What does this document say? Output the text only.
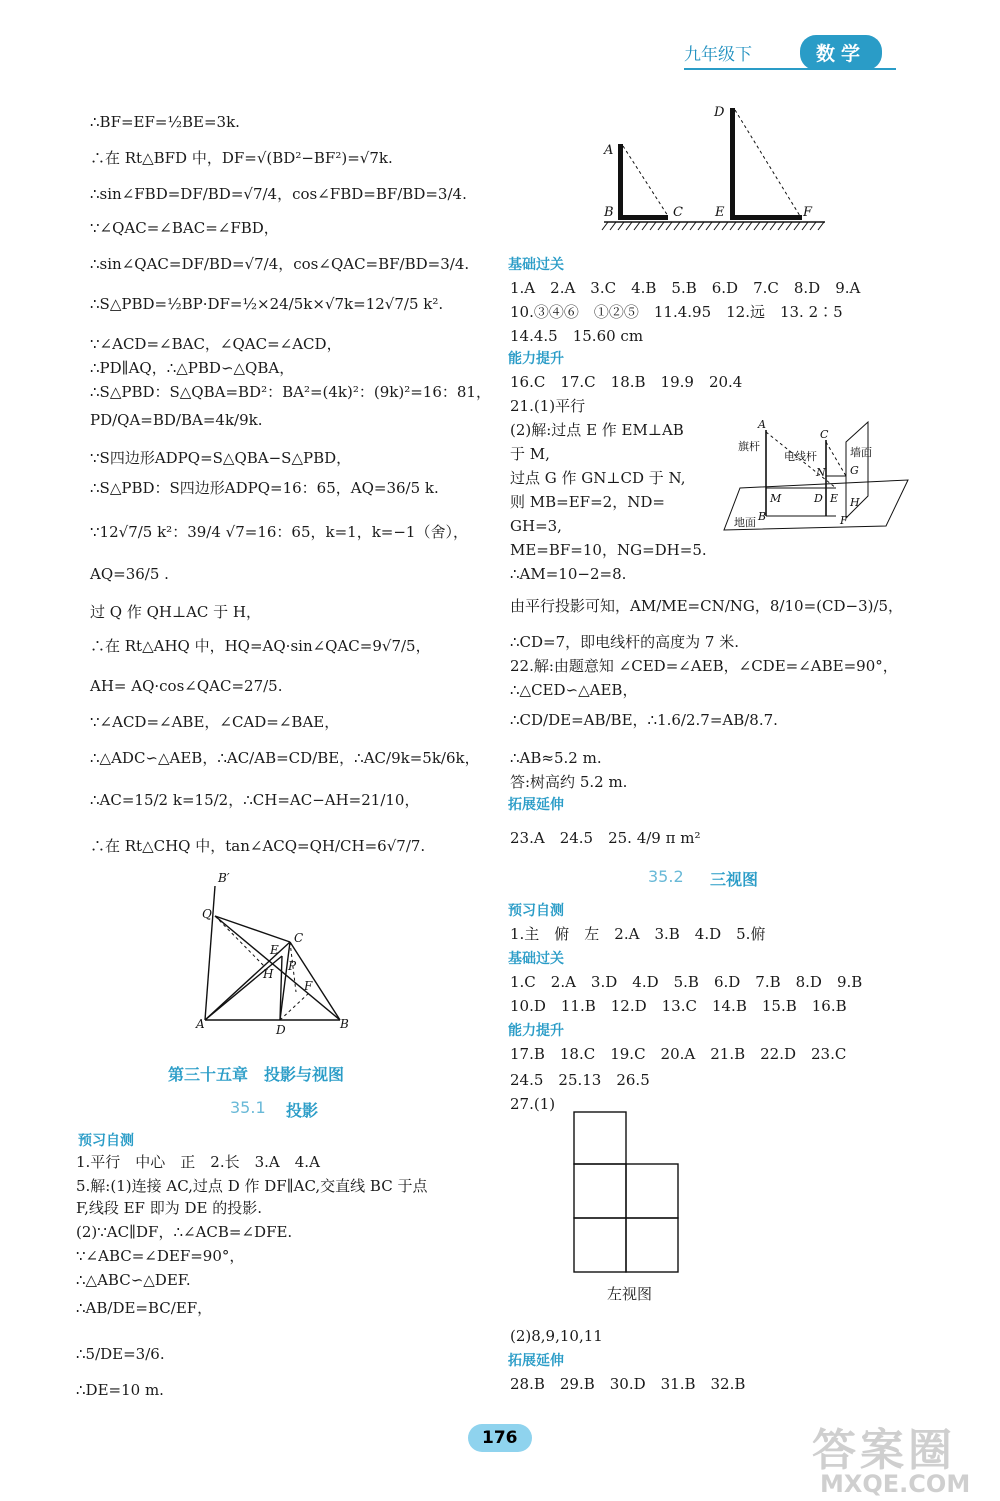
九年级下	数学
∴BF=EF=½BE=3k.
∴在 Rt△BFD 中，DF=√(BD²−BF²)=√7k.
∴sin∠FBD=DF/BD=√7/4，cos∠FBD=BF/BD=3/4.
∵∠QAC=∠BAC=∠FBD，
∴sin∠QAC=DF/BD=√7/4，cos∠QAC=BF/BD=3/4.
∴S△PBD=½BP·DF=½×24/5k×√7k=12√7/5 k².
∵∠ACD=∠BAC，∠QAC=∠ACD，
∴PD∥AQ，∴△PBD∽△QBA，
∴S△PBD：S△QBA=BD²：BA²=(4k)²：(9k)²=16：81，
PD/QA=BD/BA=4k/9k.
∵S四边形ADPQ=S△QBA−S△PBD，
∴S△PBD：S四边形ADPQ=16：65，AQ=36/5 k.
∵12√7/5 k²：39/4 √7=16：65，k=1，k=−1（舍），
AQ=36/5 .
过 Q 作 QH⊥AC 于 H，
∴在 Rt△AHQ 中，HQ=AQ·sin∠QAC=9√7/5，
AH= AQ·cos∠QAC=27/5.
∵∠ACD=∠ABE，∠CAD=∠BAE，
∴△ADC∽△AEB，∴AC/AB=CD/BE，∴AC/9k=5k/6k，
∴AC=15/2 k=15/2，∴CH=AC−AH=21/10，
∴在 Rt△CHQ 中，tan∠ACQ=QH/CH=6√7/7.
B′
Q
E
C
H
P
F
A	D	B
第三十五章　投影与视图
35.1 投影
预习自测
1.平行　中心　正　2.长　3.A　4.A
5.解:(1)连接 AC,过点 D 作 DF∥AC,交直线 BC 于点
F,线段 EF 即为 DE 的投影.
(2)∵AC∥DF，∴∠ACB=∠DFE.
∵∠ABC=∠DEF=90°，
∴△ABC∽△DEF.
∴AB/DE=BC/EF，
∴5/DE=3/6.
∴DE=10 m.
D
A
B	C E	F
基础过关
1.A　2.A　3.C　4.B　5.B　6.D　7.C　8.D　9.A
10.③④⑥　①②⑤　11.4.95　12.远　13. 2∶5
14.4.5　15.60 cm
能力提升
16.C　17.C　18.B　19.9　20.4
21.(1)平行
(2)解:过点 E 作 EM⊥AB
于 M,
过点 G 作 GN⊥CD 于 N,
则 MB=EF=2，ND=
GH=3,
ME=BF=10，NG=DH=5.
∴AM=10−2=8.
由平行投影可知，AM/ME=CN/NG，8/10=(CD−3)/5，
∴CD=7，即电线杆的高度为 7 米.
22.解:由题意知 ∠CED=∠AEB，∠CDE=∠ABE=90°，
∴△CED∽△AEB，
∴CD/DE=AB/BE，∴1.6/2.7=AB/8.7.
∴AB≈5.2 m.
答:树高约 5.2 m.
A
旗杆
C
电线杆	墙面
N G
M	D E H
地面 B	F
拓展延伸
23.A　24.5　25. 4/9 π m²
35.2 三视图
预习自测
1.主　俯　左　2.A　3.B　4.D　5.俯
基础过关
1.C　2.A　3.D　4.D　5.B　6.D　7.B　8.D　9.B
10.D　11.B　12.D　13.C　14.B　15.B　16.B
能力提升
17.B　18.C　19.C　20.A　21.B　22.D　23.C
24.5　25.13　26.5
27.(1)
左视图
(2)8,9,10,11
拓展延伸
28.B　29.B　30.D　31.B　32.B
176	答案圈
MXQE.COM
